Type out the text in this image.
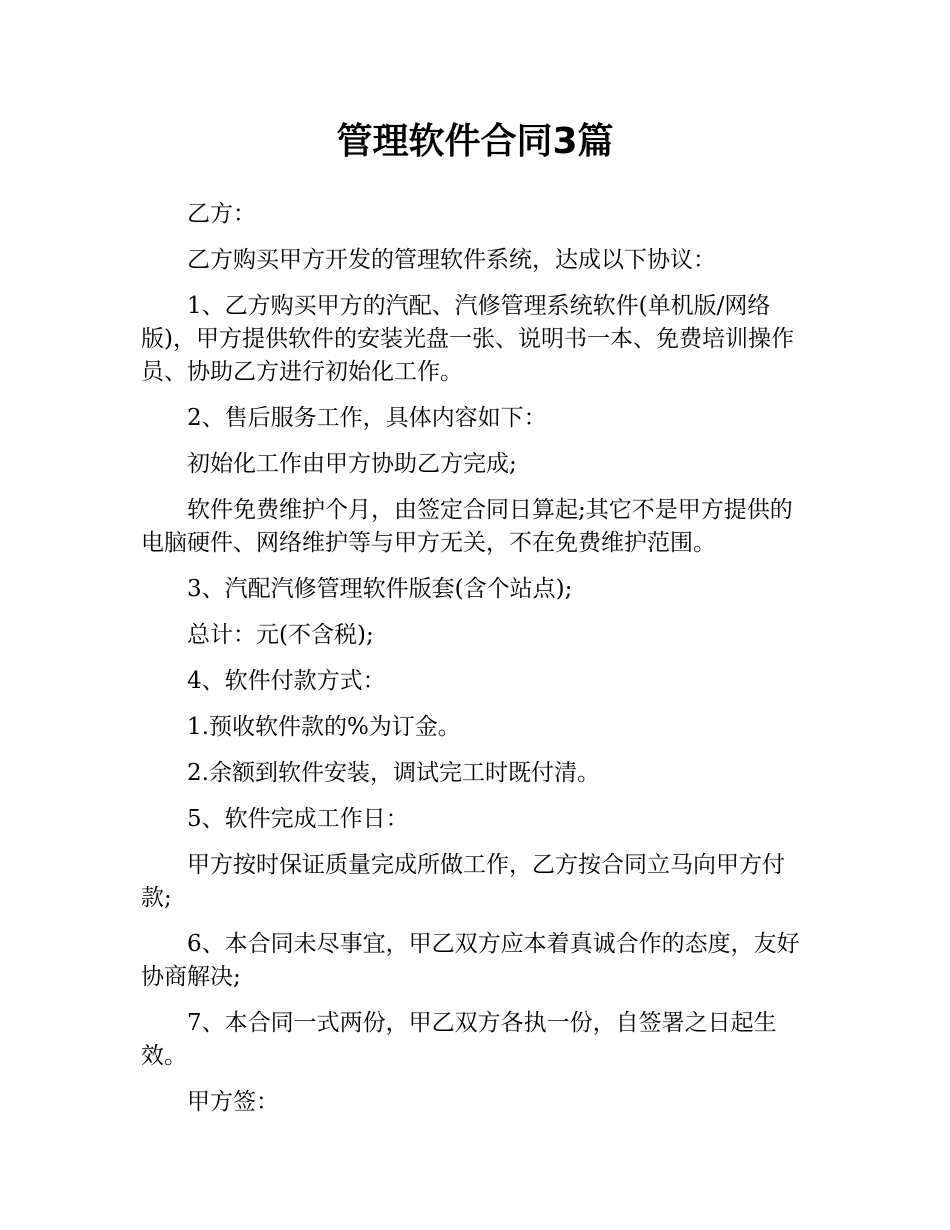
管理软件合同3篇

乙方：

乙方购买甲方开发的管理软件系统，达成以下协议：

1、乙方购买甲方的汽配、汽修管理系统软件(单机版/网络版)，甲方提供软件的安装光盘一张、说明书一本、免费培训操作员、协助乙方进行初始化工作。

2、售后服务工作，具体内容如下：

初始化工作由甲方协助乙方完成;

软件免费维护个月，由签定合同日算起;其它不是甲方提供的电脑硬件、网络维护等与甲方无关，不在免费维护范围。

3、汽配汽修管理软件版套(含个站点);

总计：元(不含税);

4、软件付款方式：

1.预收软件款的%为订金。

2.余额到软件安装，调试完工时既付清。

5、软件完成工作日：

甲方按时保证质量完成所做工作，乙方按合同立马向甲方付款;

6、本合同未尽事宜，甲乙双方应本着真诚合作的态度，友好协商解决;

7、本合同一式两份，甲乙双方各执一份，自签署之日起生效。

甲方签：
